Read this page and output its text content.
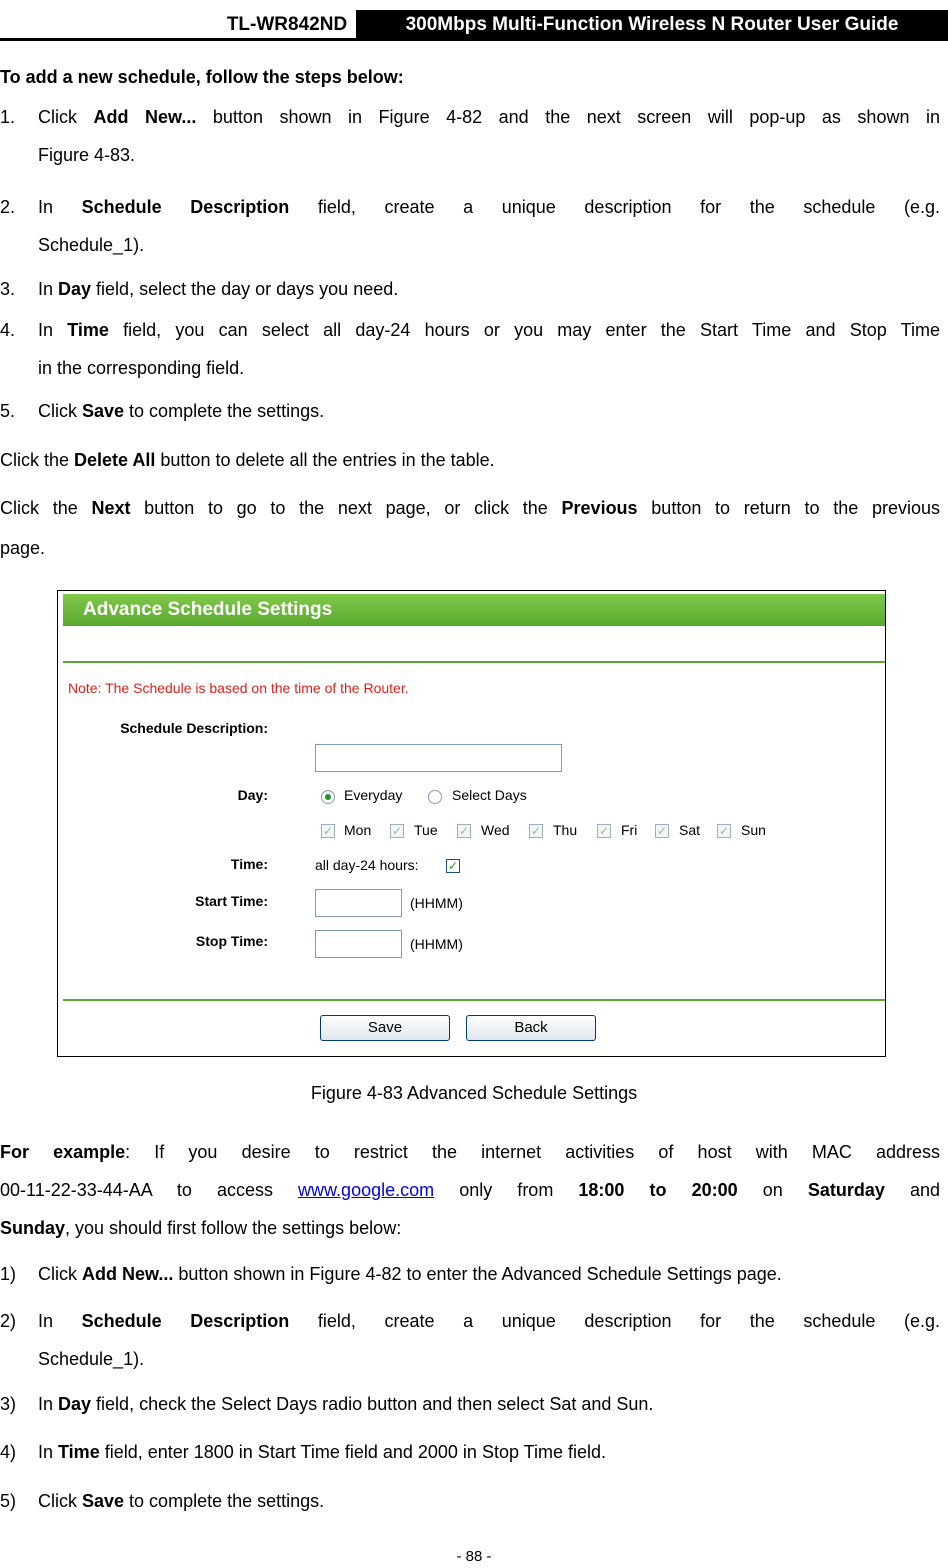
TL-WR842ND	300Mbps Multi-Function Wireless N Router User Guide
To add a new schedule, follow the steps below:
1. Click Add New... button shown in Figure 4-82 and the next screen will pop-up as shown in
Figure 4-83.
2. In Schedule Description field, create a unique description for the schedule (e.g.
Schedule_1).
3. In Day field, select the day or days you need.
4. In Time field, you can select all day-24 hours or you may enter the Start Time and Stop Time
in the corresponding field.
5. Click Save to complete the settings.
Click the Delete All button to delete all the entries in the table.
Click the Next button to go to the next page, or click the Previous button to return to the previous
page.
Advance Schedule Settings
Note: The Schedule is based on the time of the Router.
Schedule Description:
Day:	Everyday	Select Days
✓ Mon ✓ Tue ✓ Wed ✓ Thu ✓ Fri ✓ Sat ✓ Sun
Time:	all day-24 hours: ✓
Start Time:	(HHMM)
Stop Time:	(HHMM)
Save	Back
Figure 4-83 Advanced Schedule Settings
For example: If you desire to restrict the internet activities of host with MAC address
00-11-22-33-44-AA to access www.google.com only from 18:00 to 20:00 on Saturday and
Sunday, you should first follow the settings below:
1) Click Add New... button shown in Figure 4-82 to enter the Advanced Schedule Settings page.
2) In Schedule Description field, create a unique description for the schedule (e.g.
Schedule_1).
3) In Day field, check the Select Days radio button and then select Sat and Sun.
4) In Time field, enter 1800 in Start Time field and 2000 in Stop Time field.
5) Click Save to complete the settings.
- 88 -
